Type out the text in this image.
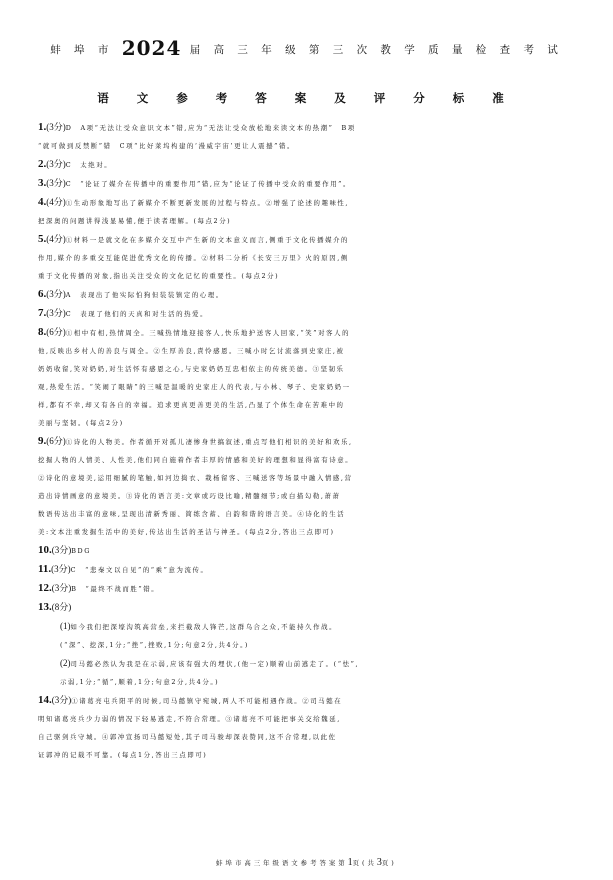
蚌 埠 市 2024 届 高 三 年 级 第 三 次 教 学 质 量 检 查 考 试
语 文 参 考 答 案 及 评 分 标 准
1.(3分)D　A项“无法让受众意识文本”错,应为“无法让受众放松地来读文本的热潮”　B项
“就可做到反禁断”错　C项“比好莱坞构建的‘漫威宇宙’更让人震撼”错。
2.(3分)C　太绝对。
3.(3分)C　“论证了媒介在传播中的重要作用”错,应为“论证了传播中受众的重要作用”。
4.(4分)①生动形象地写出了新媒介不断更新发展的过程与特点。②增强了论述的趣味性,
把深奥的问题讲得浅显易懂,便于读者理解。(每点2分)
5.(4分)①材料一是就文化在多媒介交互中产生新的文本意义而言,侧重于文化传播媒介的
作用,媒介的多重交互能促进优秀文化的传播。②材料二分析《长安三万里》火的原因,侧
重于文化传播的对象,指出关注受众的文化记忆的重要性。(每点2分)
6.(3分)A　表现出了他实际怕狗但装装镇定的心理。
7.(3分)C　表现了他们的天真和对生活的热爱。
8.(6分)①相中有相,热情周全。三喊热情地迎接客人,快乐地护送客人回家,“笑”对客人的
他,反映出乡村人的善良与周全。②生厚善良,責怜感恩。三喊小时乞讨流落到史家庄,被
奶奶收留,笑对奶奶,对生活怀有感恩之心,与史家奶奶互忠相依主的传统美德。③坚韧乐
观,热爱生活。“笑闹了眼睛”的三喊是温暖的史家庄人的代表,与小林、琴子、史家奶奶一
样,都有不幸,却又有各自的幸福。追求更真更善更美的生活,凸显了个体生命在苦难中的
美丽与坚韧。(每点2分)
9.(6分)①诗化的人物美。作者循开对孤儿凄惨身世搞叙述,重点写他们相识的美好和欢乐,
挖掘人物的人情美、人性美,他们同自施着作者丰厚的情感和美好的理想和显得富有诗意。
②诗化的意境美,运用细腻的笔触,如河边捣衣、栽杨留客、三喊送客等场景中融入情感,营
造出诗情画意的意境美。③诗化的语言美:文章或巧设比喻,精髓细节;或白描勾勒,萧萧
数语传达出丰富的意味,呈现出清新秀丽、简练含蓄、自韵和谐的语言美。④诗化的生活
美:文本注重发掘生活中的美好,传达出生活的圣洁与神圣。(每点2分,答出三点即可)
10.(3分)BDG
11.(3分)C　“悲秦文以自见”的“乘”意为流传。
12.(3分)B　“最终不战而胜”错。
13.(8分)
(1)如今我们把深壕沟筑高营垒,来拦截敌人锋芒,这群乌合之众,不能持久作战。
(“深”、挖深,1分;“挫”,挫败,1分;句意2分,共4分。)
(2)司马懿必然认为我是在示弱,应该有强大的埋伏,(他一定)顺着山前逃走了。(“怯”,
示弱,1分;“循”,顺着,1分;句意2分,共4分。)
14.(3分)①诸葛亮屯兵阳平的时候,司马懿镇守宛城,两人不可能相遇作战。②司马懿在
明知诸葛亮兵少力弱的情况下轻易逃走,不符合常理。③诸葛亮不可能把事关交给魏延,
自己驱剑兵守城。④郭冲宣扬司马懿短处,其子司马骏却深表赞同,这不合常理,以此佐
证郭冲的记载不可靠。(每点1分,答出三点即可)
蚌埠市高三年级语文参考答案第1页(共3页)
